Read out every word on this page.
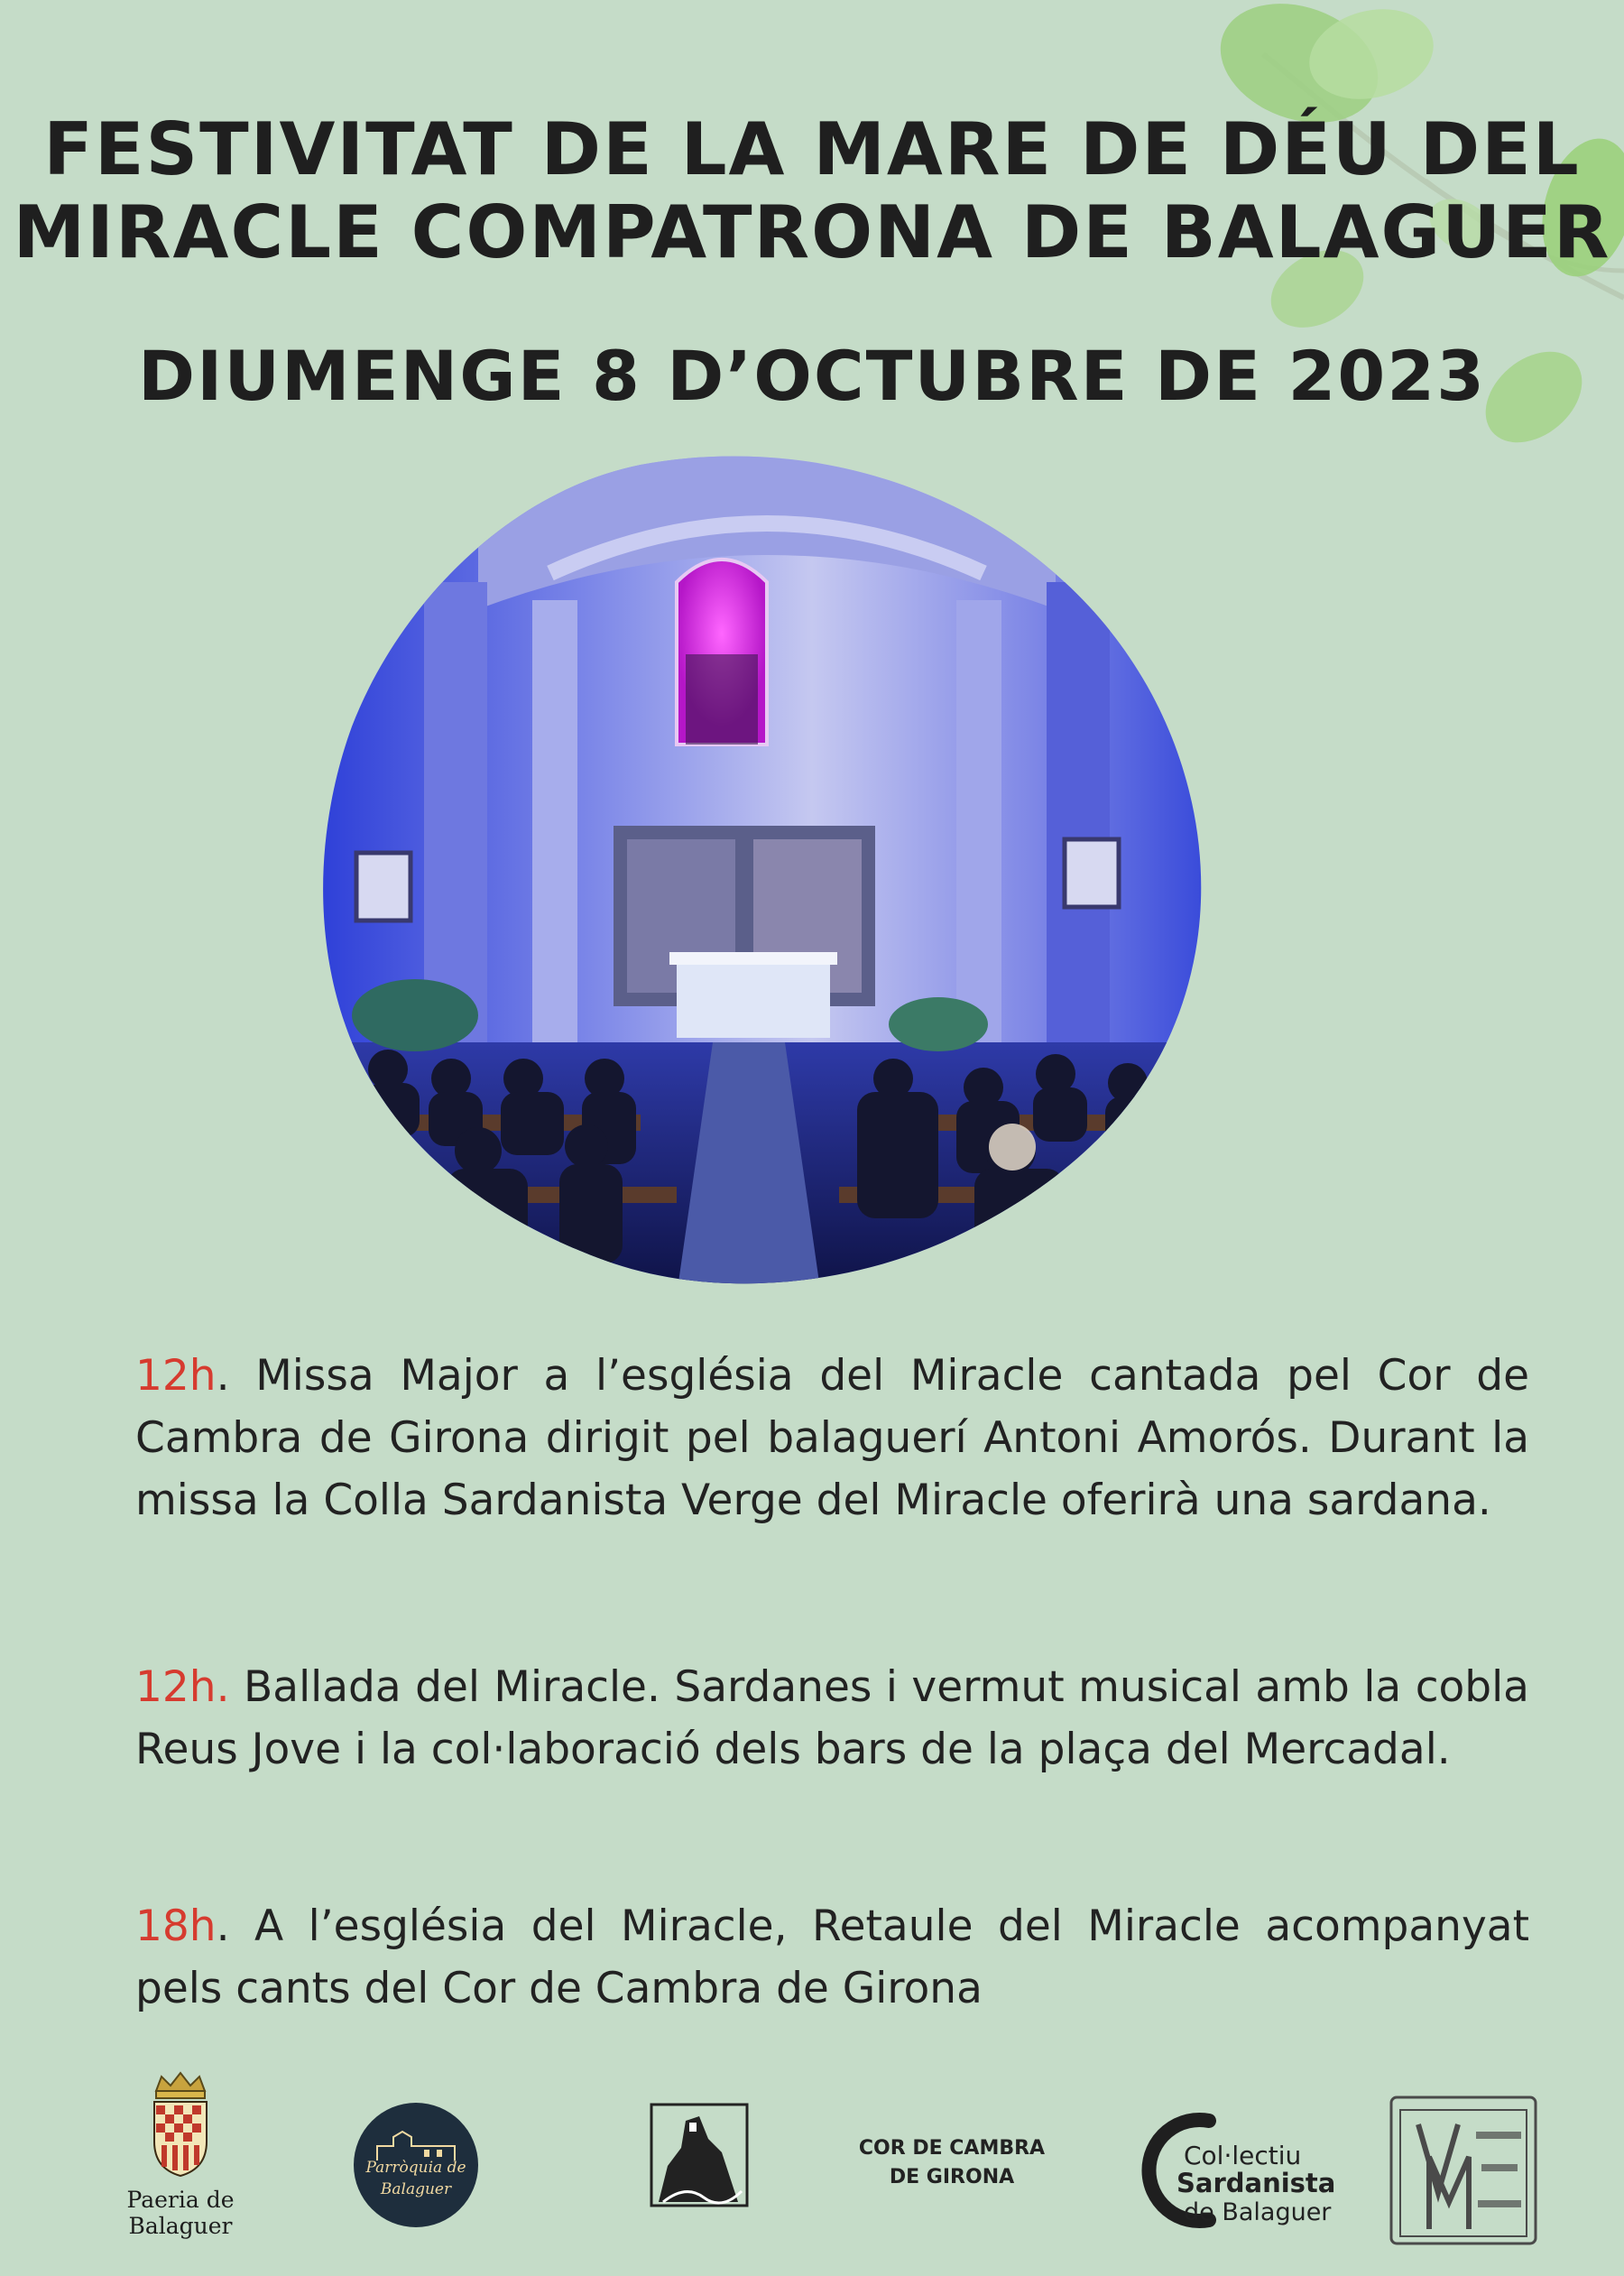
FESTIVITAT DE LA MARE DE DÉU DEL
MIRACLE COMPATRONA DE BALAGUER
DIUMENGE 8 D’OCTUBRE DE 2023
12h. Missa Major a l’església del Miracle cantada pel Cor de Cambra de Girona dirigit pel balaguerí Antoni Amorós. Durant la missa la Colla Sardanista Verge del Miracle oferirà una sardana.
12h. Ballada del Miracle. Sardanes i vermut musical amb la cobla Reus Jove i la col·laboració dels bars de la plaça del Mercadal.
18h. A l’església del Miracle, Retaule del Miracle acompanyat pels cants del Cor de Cambra de Girona
Paeria de Balaguer
Parròquia de
Balaguer
COR DE CAMBRA
DE GIRONA
Col·lectiu
Sardanista
de Balaguer
